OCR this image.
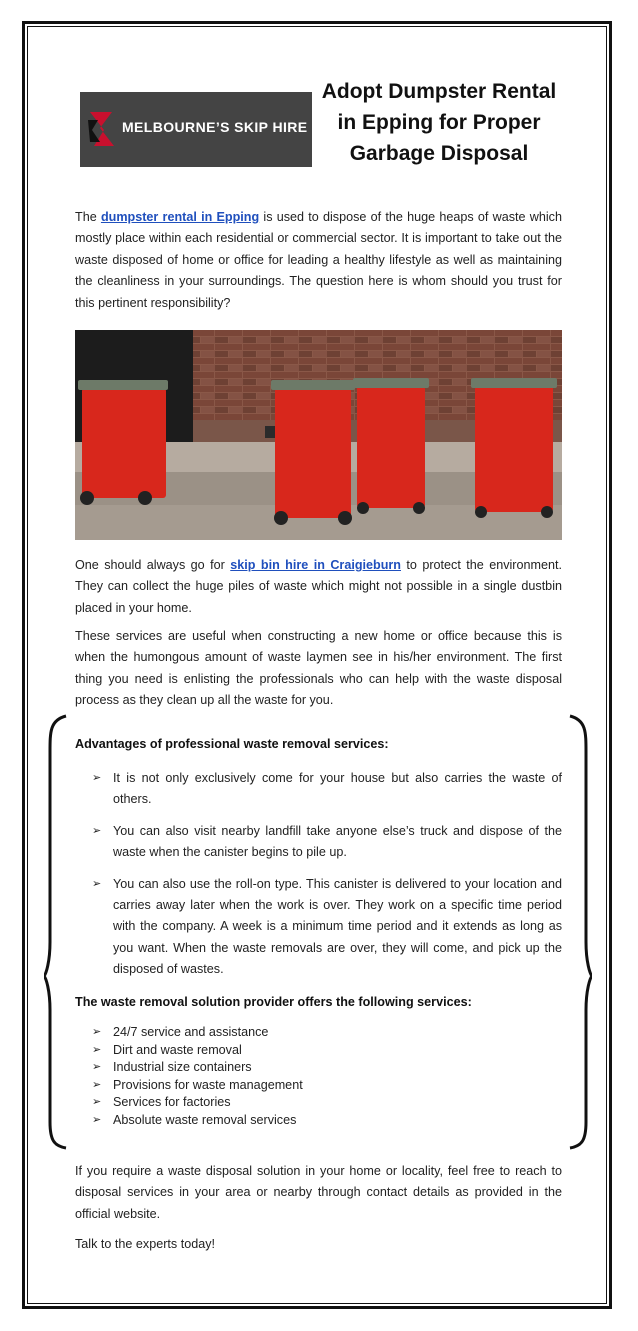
MELBOURNE’S SKIP HIRE
Adopt Dumpster Rental in Epping for Proper Garbage Disposal

The dumpster rental in Epping is used to dispose of the huge heaps of waste which mostly place within each residential or commercial sector. It is important to take out the waste disposed of home or office for leading a healthy lifestyle as well as maintaining the cleanliness in your surroundings. The question here is whom should you trust for this pertinent responsibility?

One should always go for skip bin hire in Craigieburn to protect the environment. They can collect the huge piles of waste which might not possible in a single dustbin placed in your home.

These services are useful when constructing a new home or office because this is when the humongous amount of waste laymen see in his/her environment. The first thing you need is enlisting the professionals who can help with the waste disposal process as they clean up all the waste for you.

Advantages of professional waste removal services:
➢ It is not only exclusively come for your house but also carries the waste of others.
➢ You can also visit nearby landfill take anyone else’s truck and dispose of the waste when the canister begins to pile up.
➢ You can also use the roll-on type. This canister is delivered to your location and carries away later when the work is over. They work on a specific time period with the company. A week is a minimum time period and it extends as long as you want. When the waste removals are over, they will come, and pick up the disposed of wastes.
The waste removal solution provider offers the following services:
➢ 24/7 service and assistance
➢ Dirt and waste removal
➢ Industrial size containers
➢ Provisions for waste management
➢ Services for factories
➢ Absolute waste removal services

If you require a waste disposal solution in your home or locality, feel free to reach to disposal services in your area or nearby through contact details as provided in the official website.

Talk to the experts today!
